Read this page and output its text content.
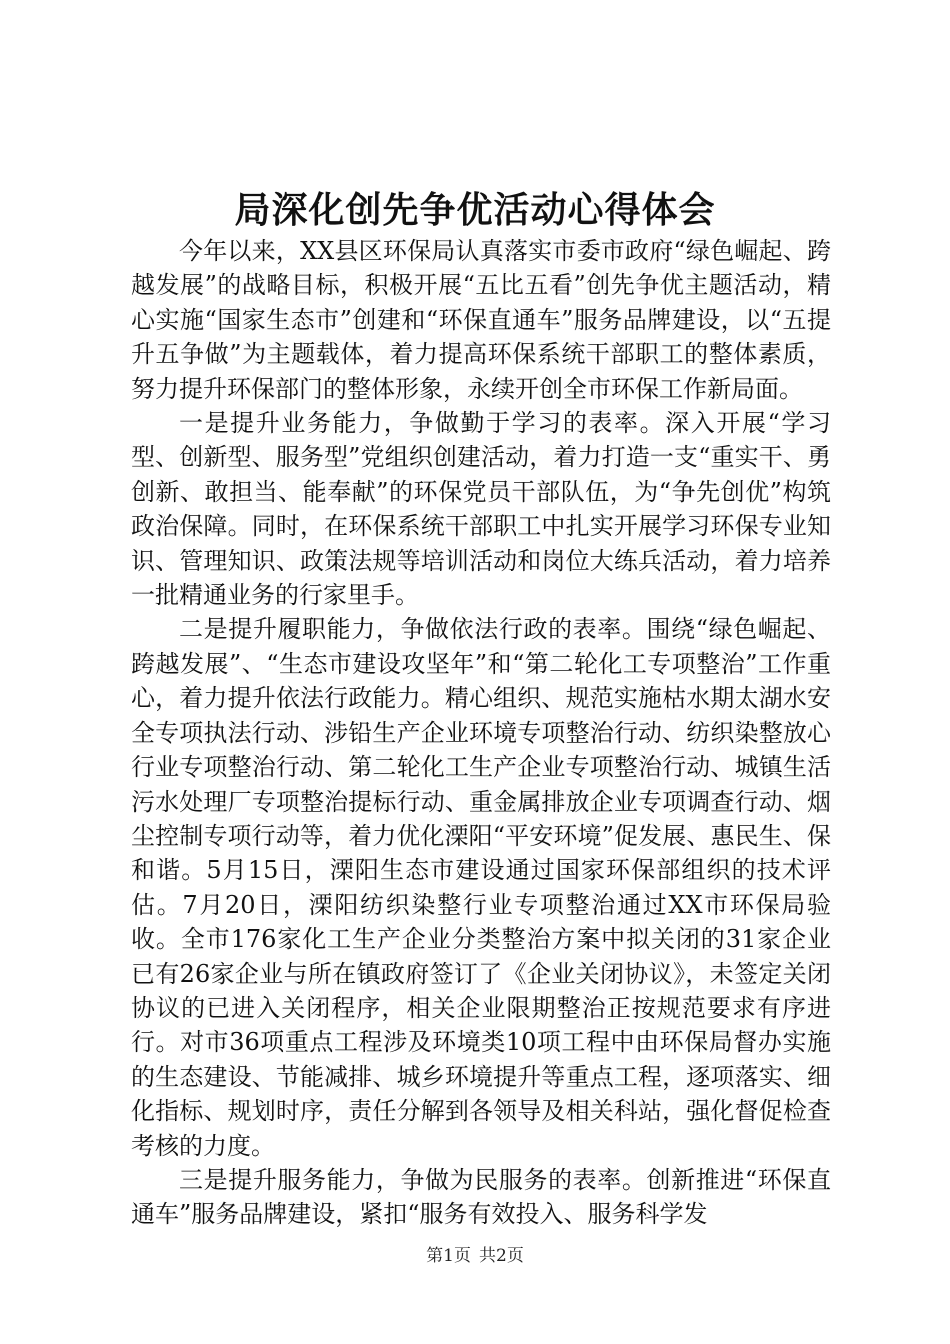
局深化创先争优活动心得体会

今年以来，XX县区环保局认真落实市委市政府“绿色崛起、跨越发展”的战略目标，积极开展“五比五看”创先争优主题活动，精心实施“国家生态市”创建和“环保直通车”服务品牌建设，以“五提升五争做”为主题载体，着力提高环保系统干部职工的整体素质，努力提升环保部门的整体形象，永续开创全市环保工作新局面。

一是提升业务能力，争做勤于学习的表率。深入开展“学习型、创新型、服务型”党组织创建活动，着力打造一支“重实干、勇创新、敢担当、能奉献”的环保党员干部队伍，为“争先创优”构筑政治保障。同时，在环保系统干部职工中扎实开展学习环保专业知识、管理知识、政策法规等培训活动和岗位大练兵活动，着力培养一批精通业务的行家里手。

二是提升履职能力，争做依法行政的表率。围绕“绿色崛起、跨越发展”、“生态市建设攻坚年”和“第二轮化工专项整治”工作重心，着力提升依法行政能力。精心组织、规范实施枯水期太湖水安全专项执法行动、涉铅生产企业环境专项整治行动、纺织染整放心行业专项整治行动、第二轮化工生产企业专项整治行动、城镇生活污水处理厂专项整治提标行动、重金属排放企业专项调查行动、烟尘控制专项行动等，着力优化溧阳“平安环境”促发展、惠民生、保和谐。5月15日，溧阳生态市建设通过国家环保部组织的技术评估。7月20日，溧阳纺织染整行业专项整治通过XX市环保局验收。全市176家化工生产企业分类整治方案中拟关闭的31家企业已有26家企业与所在镇政府签订了《企业关闭协议》，未签定关闭协议的已进入关闭程序，相关企业限期整治正按规范要求有序进行。对市36项重点工程涉及环境类10项工程中由环保局督办实施的生态建设、节能减排、城乡环境提升等重点工程，逐项落实、细化指标、规划时序，责任分解到各领导及相关科站，强化督促检查考核的力度。

三是提升服务能力，争做为民服务的表率。创新推进“环保直通车”服务品牌建设，紧扣“服务有效投入、服务科学发

第1页 共2页
